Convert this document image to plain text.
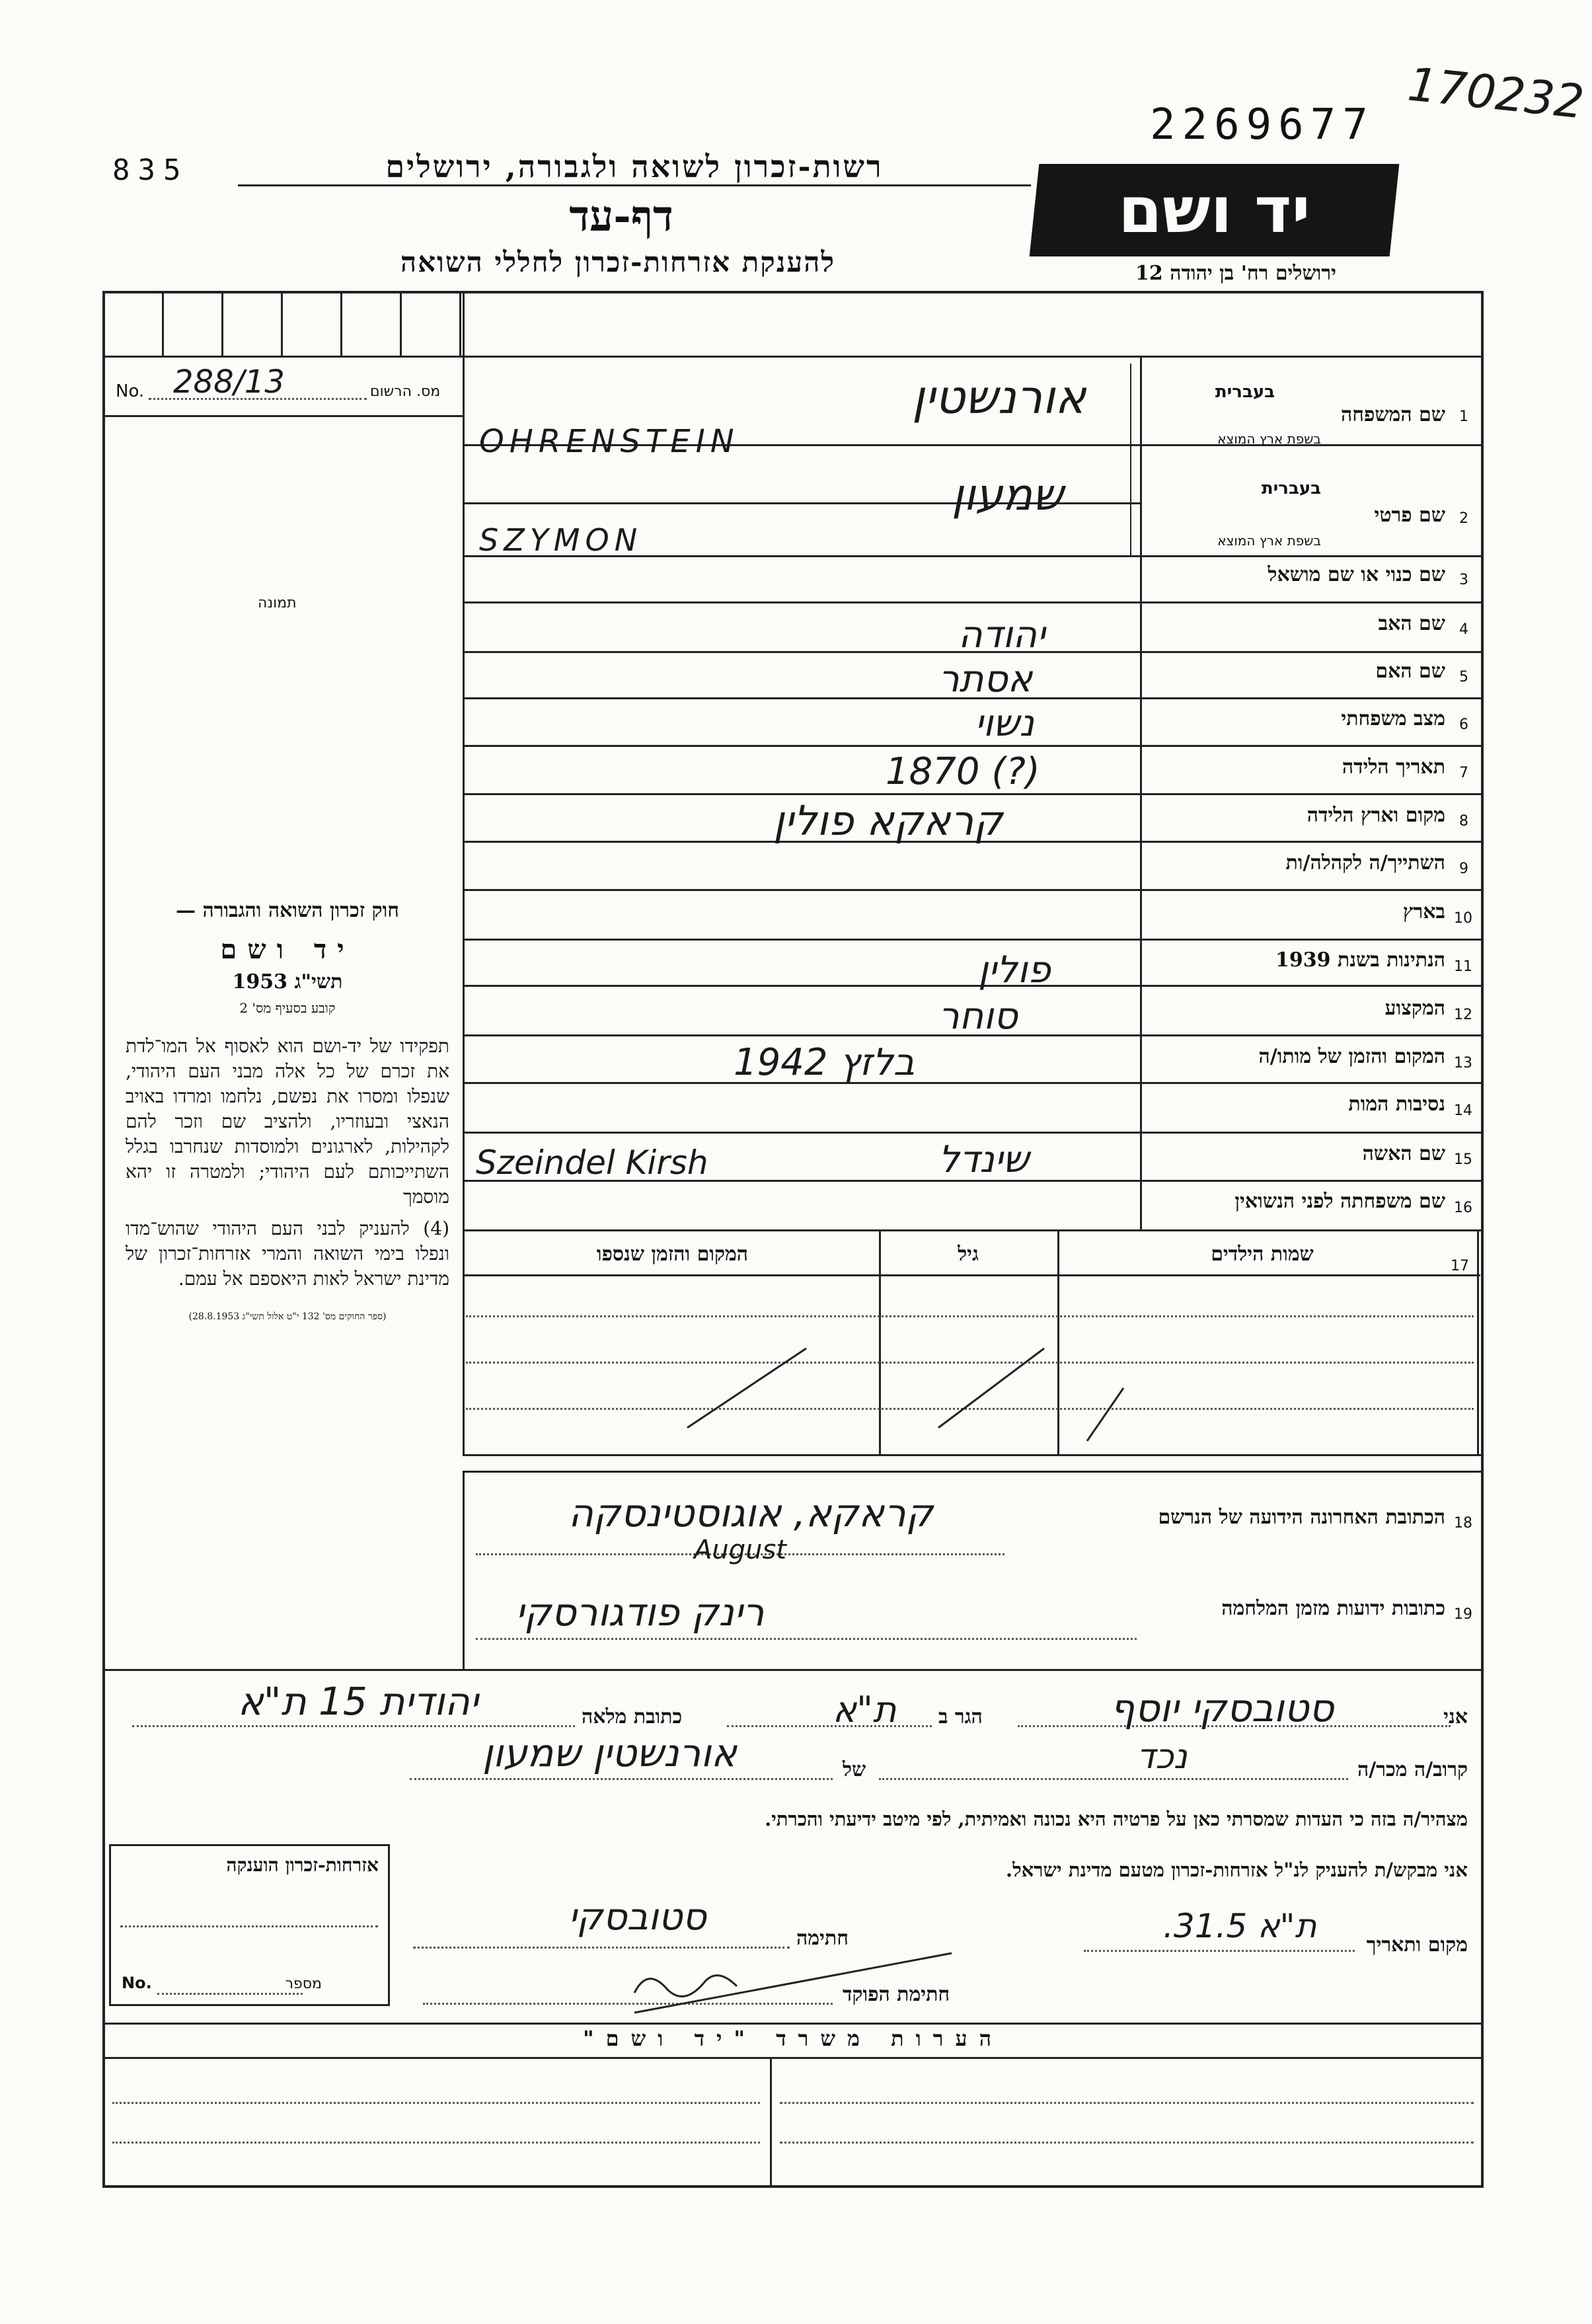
835	רשות-זכרון לשואה ולגבורה, ירושלים
דף-עד
להענקת אזרחות-זכרון לחללי השואה
2269677 170232
יד ושם
ירושלים רח' בן יהודה 12
No. 288/13	מס. הרשום
תמונה

חוק זכרון השואה והגבורה —

יד ושם

תשי"ג 1953

קובע בסעיף מס' 2

תפקידו של יד-ושם הוא לאסוף אל המו־לדת את זכרם של כל אלה מבני העם היהודי, שנפלו ומסרו את נפשם, נלחמו ומרדו באויב הנאצי ובעוזריו, ולהציב שם וזכר להם לקהילות, לארגונים ולמוסדות שנחרבו בגלל השתייכותם לעם היהודי; ולמטרה זו יהא מוסמך

(4) להעניק לבני העם היהודי שהוש־מדו ונפלו בימי השואה והמרי אזרחות־זכרון של מדינת ישראל לאות היאספם אל עמם.

(ספר החוקים מס' 132 י"ט אלול תשי"ג 28.8.1953)

1
שם המשפחה
בעברית
בשפת ארץ המוצא
אורנשטין
OHRENSTEIN
2
שם פרטי
בעברית
בשפת ארץ המוצא
שמעון
SZYMON
3
שם כנוי או שם מושאל
4
שם האב
יהודה
5
שם האם
אסתר
6
מצב משפחתי
נשוי
7
תאריך הלידה
1870 (?)
8
מקום וארץ הלידה
קראקא פולין
9
השתייך/ה לקהלה/ות
10
בארץ
11
הנתינות בשנת 1939
פולין
12
המקצוע
סוחר
13
המקום והזמן של מותו/ה
בלזץ 1942
14
נסיבות המות
15
שם האשה
שינדל
Szeindel Kirsh
16
שם משפחתה לפני הנשואין
17
שמות הילדים
גיל
המקום והזמן שנספו
18
הכתובת האחרונה הידועה של הנרשם
קראקא, אוגוסטינסקה
August
19
כתובות ידועות מזמן המלחמה
רינק פודגורסקי
אני
סטובסקי יוסף
הגר ב
ת"א
כתובת מלאה
יהודית 15 ת"א
קרוב/ה מכר/ה
נכד
של
אורנשטין שמעון
מצהיר/ה בזה כי העדות שמסרתי כאן על פרטיה היא נכונה ואמיתית, לפי מיטב ידיעתי והכרתי.
אני מבקש/ת להעניק לנ"ל אזרחות-זכרון מטעם מדינת ישראל.
מקום ותאריך
ת"א 31.5.
חתימה
סטובסקי
חתימת הפוקד
אזרחות-זכרון הוענקה
No.	מספר
הערות משרד "יד ושם"
